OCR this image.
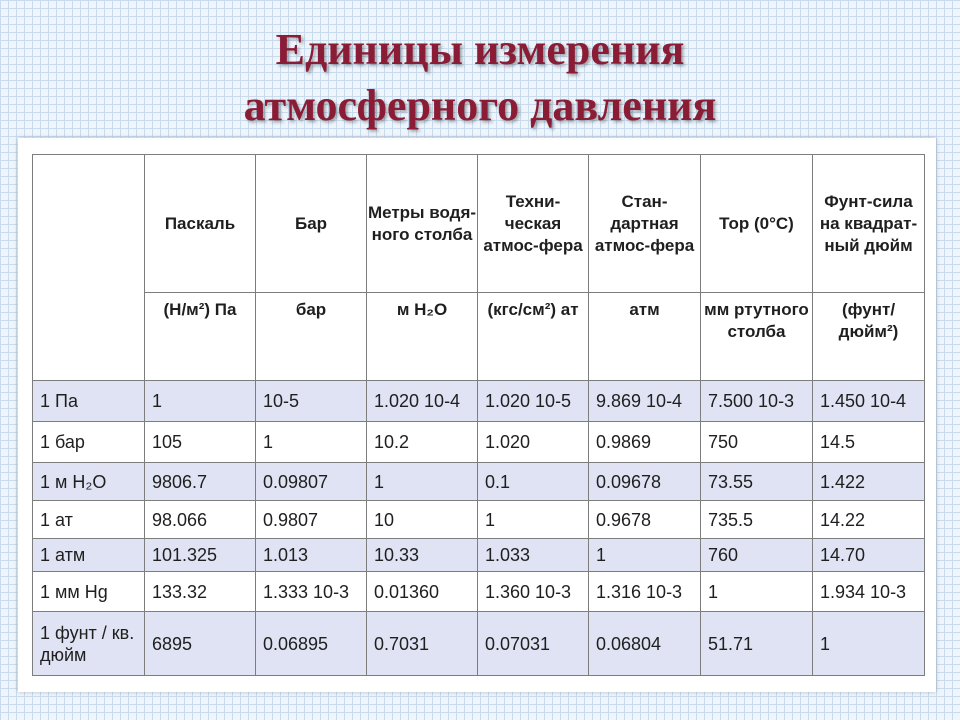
Единицы измерения
атмосферного давления
	Паскаль	Бар	Метры водя-ного столба	Техни-ческая атмос-фера	Стан-дартная атмос-фера	Тор (0°C)	Фунт-сила на квадрат-ный дюйм
	(Н/м²) Па	бар	м H₂O	(кгс/см²) ат	атм	мм ртутного столба	(фунт/ дюйм²)
1 Па	1	10-5	1.020 10-4	1.020 10-5	9.869 10-4	7.500 10-3	1.450 10-4
1 бар	105	1	10.2	1.020	0.9869	750	14.5
1 м H₂O	9806.7	0.09807	1	0.1	0.09678	73.55	1.422
1 ат	98.066	0.9807	10	1	0.9678	735.5	14.22
1 атм	101.325	1.013	10.33	1.033	1	760	14.70
1 мм Hg	133.32	1.333 10-3	0.01360	1.360 10-3	1.316 10-3	1	1.934 10-3
1 фунт / кв. дюйм	6895	0.06895	0.7031	0.07031	0.06804	51.71	1
